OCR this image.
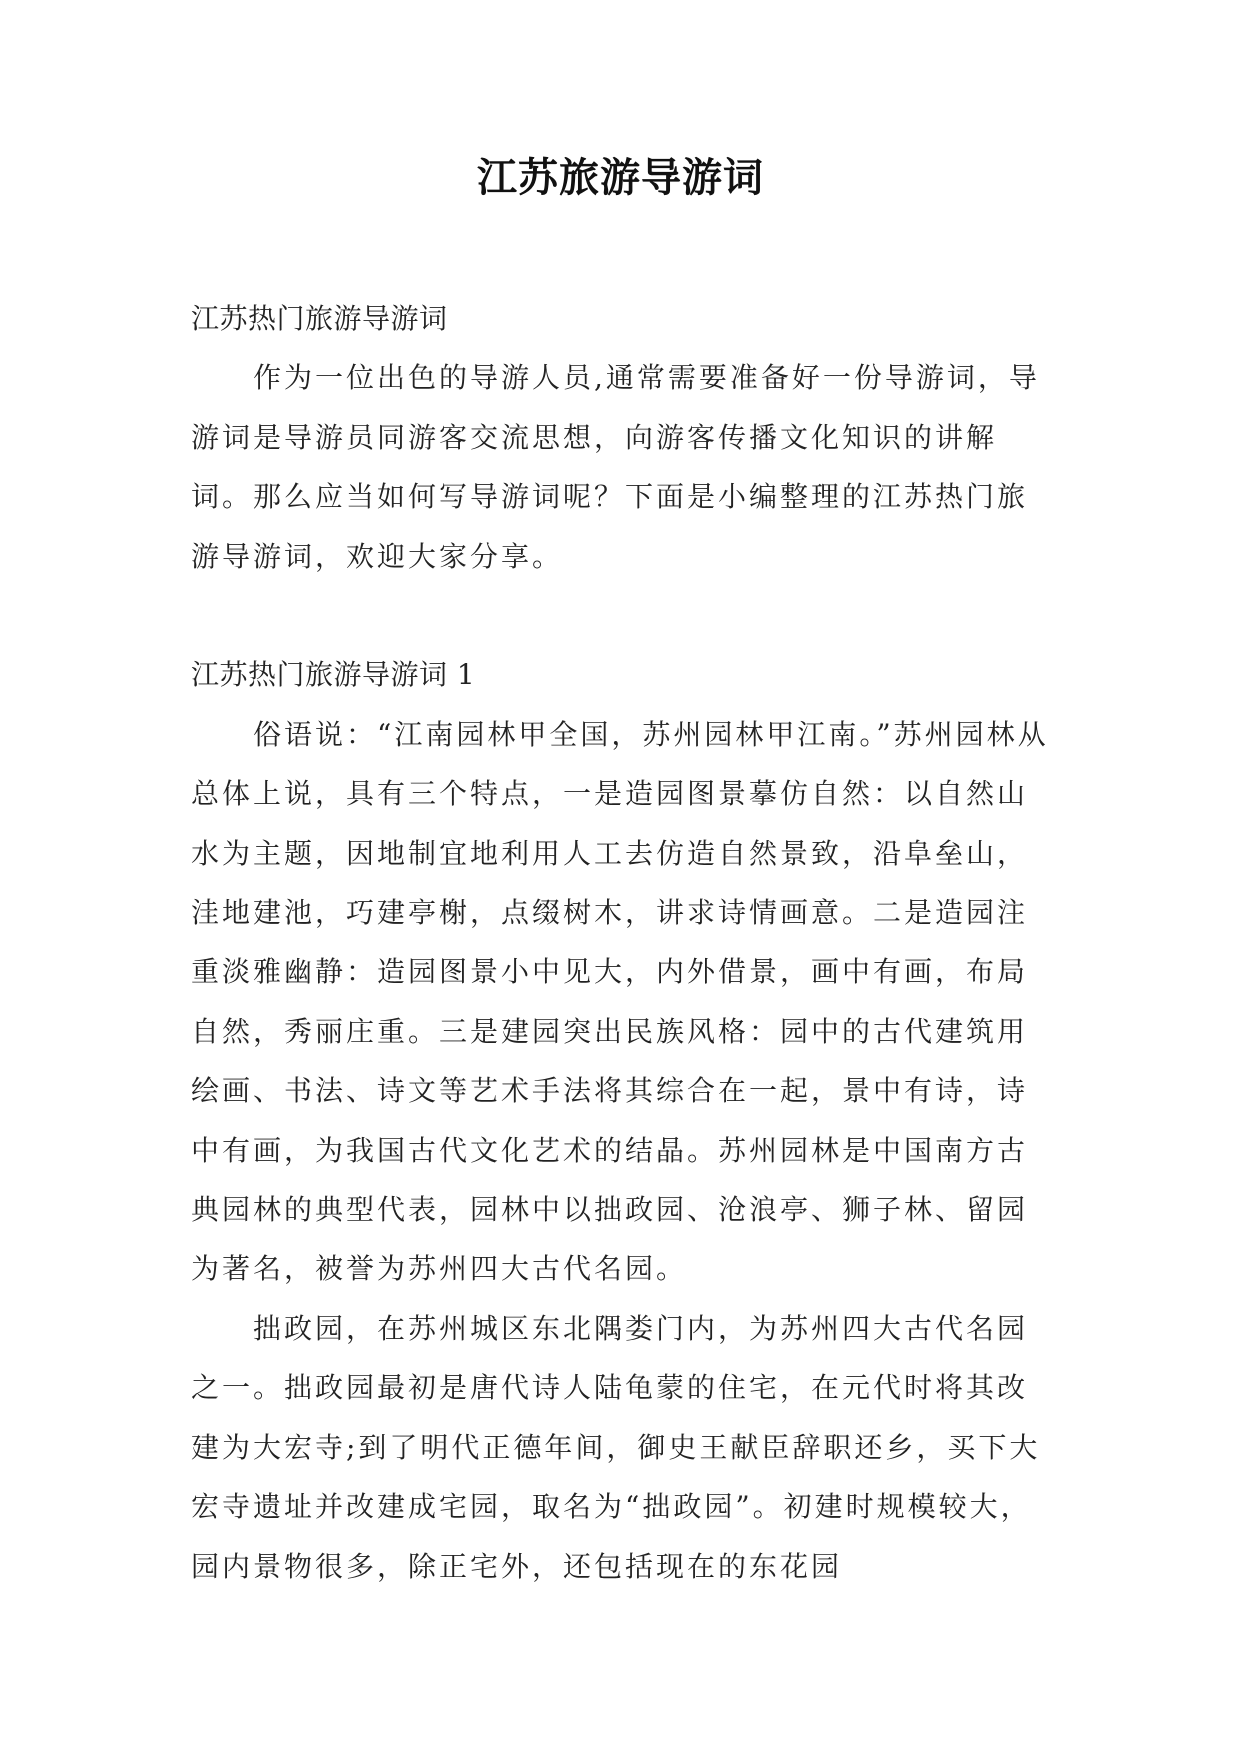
江苏旅游导游词

江苏热门旅游导游词

作为一位出色的导游人员,通常需要准备好一份导游词，导游词是导游员同游客交流思想，向游客传播文化知识的讲解词。那么应当如何写导游词呢？下面是小编整理的江苏热门旅游导游词，欢迎大家分享。

江苏热门旅游导游词 1

俗语说：“江南园林甲全国，苏州园林甲江南。”苏州园林从总体上说，具有三个特点，一是造园图景摹仿自然：以自然山水为主题，因地制宜地利用人工去仿造自然景致，沿阜垒山，洼地建池，巧建亭榭，点缀树木，讲求诗情画意。二是造园注重淡雅幽静：造园图景小中见大，内外借景，画中有画，布局自然，秀丽庄重。三是建园突出民族风格：园中的古代建筑用绘画、书法、诗文等艺术手法将其综合在一起，景中有诗，诗中有画，为我国古代文化艺术的结晶。苏州园林是中国南方古典园林的典型代表，园林中以拙政园、沧浪亭、狮子林、留园为著名，被誉为苏州四大古代名园。

拙政园，在苏州城区东北隅娄门内，为苏州四大古代名园之一。拙政园最初是唐代诗人陆龟蒙的住宅，在元代时将其改建为大宏寺;到了明代正德年间，御史王献臣辞职还乡，买下大宏寺遗址并改建成宅园，取名为“拙政园”。初建时规模较大，园内景物很多，除正宅外，还包括现在的东花园
